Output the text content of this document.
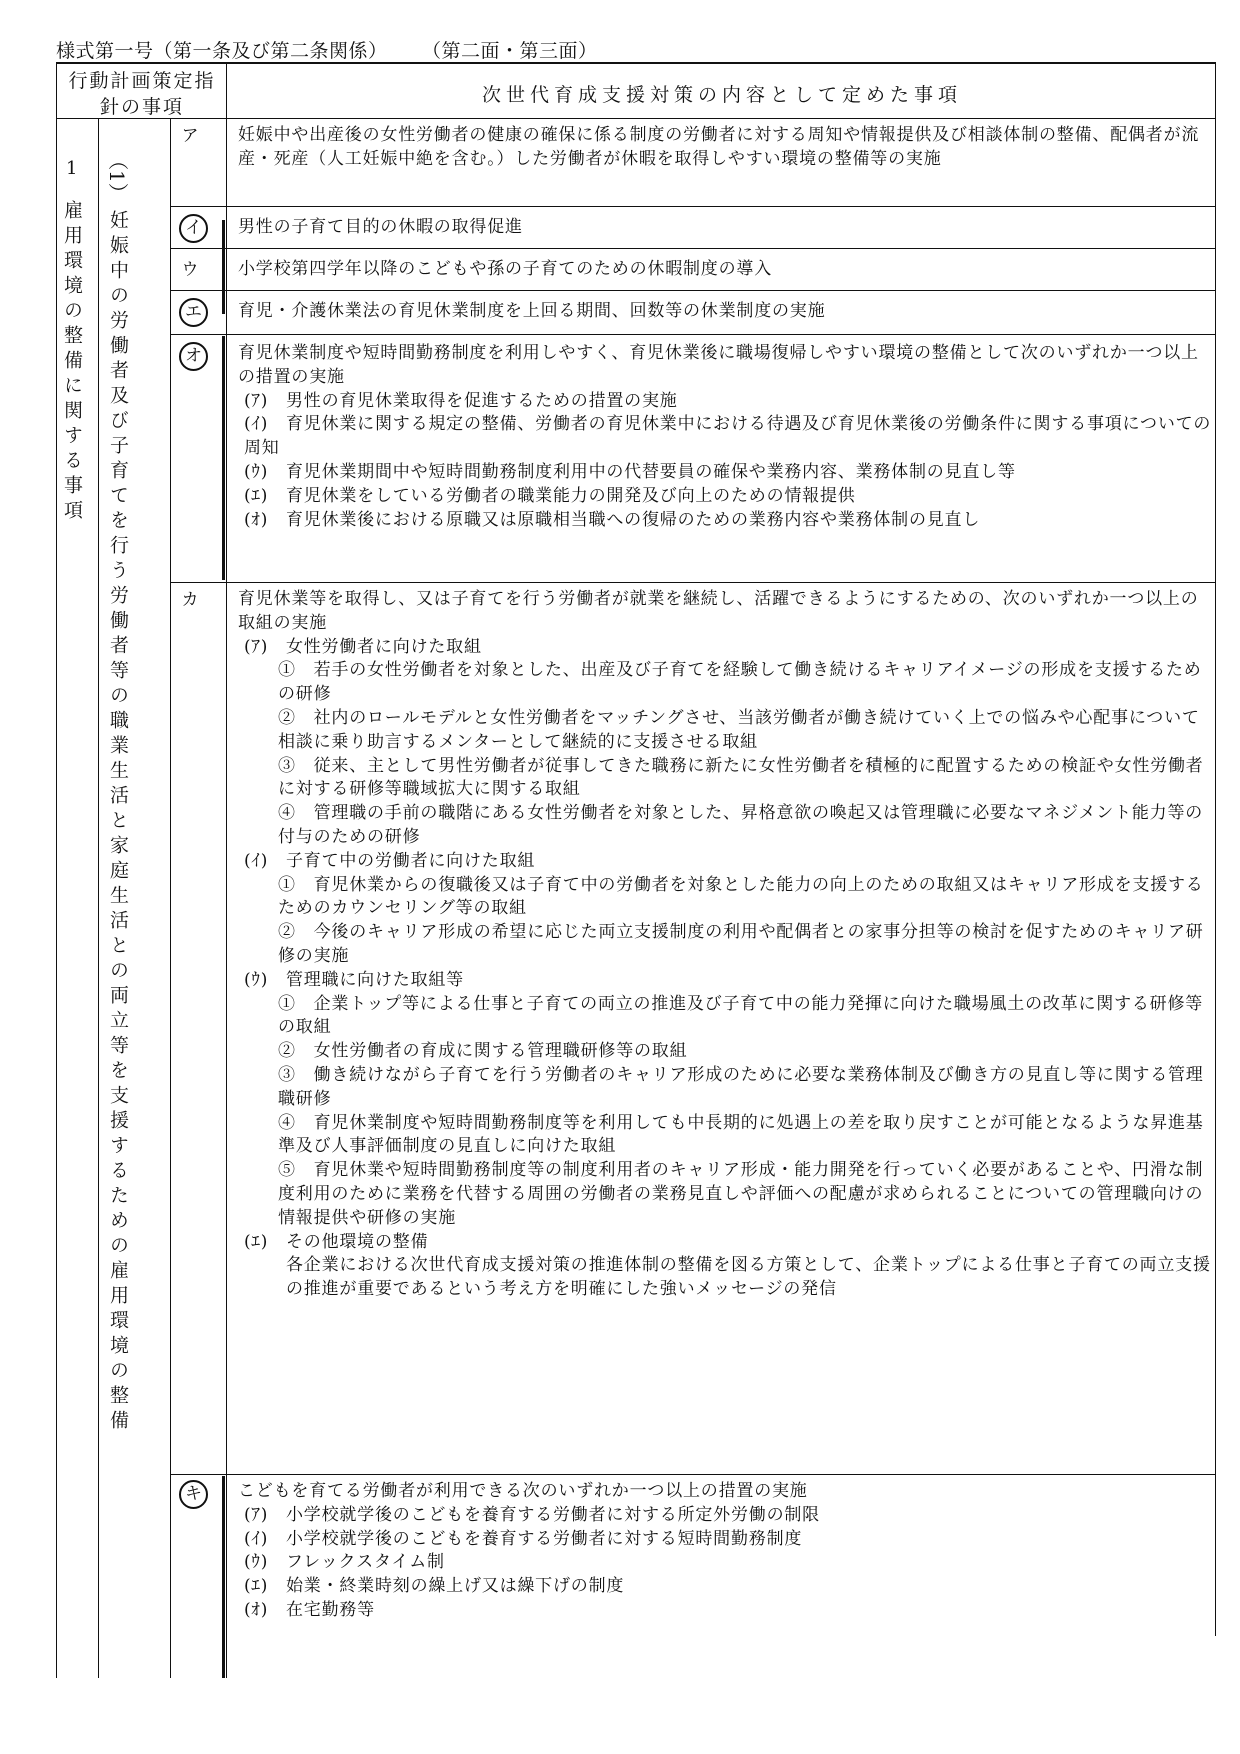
様式第一号（第一条及び第二条関係） （第二面・第三面）
行動計画策定指針の事項
次世代育成支援対策の内容として定めた事項
1
雇用環境の整備に関する事項
（1）
妊娠中の労働者及び子育てを行う労働者等の職業生活と家庭生活との両立等を支援するための雇用環境の整備
ア
イ
ウ
エ
オ
カ
キ

妊娠中や出産後の女性労働者の健康の確保に係る制度の労働者に対する周知や情報提供及び相談体制の整備、配偶者が流産・死産（人工妊娠中絶を含む。）した労働者が休暇を取得しやすい環境の整備等の実施

男性の子育て目的の休暇の取得促進

小学校第四学年以降のこどもや孫の子育てのための休暇制度の導入

育児・介護休業法の育児休業制度を上回る期間、回数等の休業制度の実施

育児休業制度や短時間勤務制度を利用しやすく、育児休業後に職場復帰しやすい環境の整備として次のいずれか一つ以上の措置の実施

(ｱ)　男性の育児休業取得を促進するための措置の実施

(ｲ)　育児休業に関する規定の整備、労働者の育児休業中における待遇及び育児休業後の労働条件に関する事項についての周知

(ｳ)　育児休業期間中や短時間勤務制度利用中の代替要員の確保や業務内容、業務体制の見直し等

(ｴ)　育児休業をしている労働者の職業能力の開発及び向上のための情報提供

(ｵ)　育児休業後における原職又は原職相当職への復帰のための業務内容や業務体制の見直し

育児休業等を取得し、又は子育てを行う労働者が就業を継続し、活躍できるようにするための、次のいずれか一つ以上の取組の実施

(ｱ)　女性労働者に向けた取組

①　若手の女性労働者を対象とした、出産及び子育てを経験して働き続けるキャリアイメージの形成を支援するための研修

②　社内のロールモデルと女性労働者をマッチングさせ、当該労働者が働き続けていく上での悩みや心配事について相談に乗り助言するメンターとして継続的に支援させる取組

③　従来、主として男性労働者が従事してきた職務に新たに女性労働者を積極的に配置するための検証や女性労働者に対する研修等職域拡大に関する取組

④　管理職の手前の職階にある女性労働者を対象とした、昇格意欲の喚起又は管理職に必要なマネジメント能力等の付与のための研修

(ｲ)　子育て中の労働者に向けた取組

①　育児休業からの復職後又は子育て中の労働者を対象とした能力の向上のための取組又はキャリア形成を支援するためのカウンセリング等の取組

②　今後のキャリア形成の希望に応じた両立支援制度の利用や配偶者との家事分担等の検討を促すためのキャリア研修の実施

(ｳ)　管理職に向けた取組等

①　企業トップ等による仕事と子育ての両立の推進及び子育て中の能力発揮に向けた職場風土の改革に関する研修等の取組

②　女性労働者の育成に関する管理職研修等の取組

③　働き続けながら子育てを行う労働者のキャリア形成のために必要な業務体制及び働き方の見直し等に関する管理職研修

④　育児休業制度や短時間勤務制度等を利用しても中長期的に処遇上の差を取り戻すことが可能となるような昇進基準及び人事評価制度の見直しに向けた取組

⑤　育児休業や短時間勤務制度等の制度利用者のキャリア形成・能力開発を行っていく必要があることや、円滑な制度利用のために業務を代替する周囲の労働者の業務見直しや評価への配慮が求められることについての管理職向けの情報提供や研修の実施

(ｴ)　その他環境の整備

各企業における次世代育成支援対策の推進体制の整備を図る方策として、企業トップによる仕事と子育ての両立支援の推進が重要であるという考え方を明確にした強いメッセージの発信

こどもを育てる労働者が利用できる次のいずれか一つ以上の措置の実施

(ｱ)　小学校就学後のこどもを養育する労働者に対する所定外労働の制限

(ｲ)　小学校就学後のこどもを養育する労働者に対する短時間勤務制度

(ｳ)　フレックスタイム制

(ｴ)　始業・終業時刻の繰上げ又は繰下げの制度

(ｵ)　在宅勤務等
